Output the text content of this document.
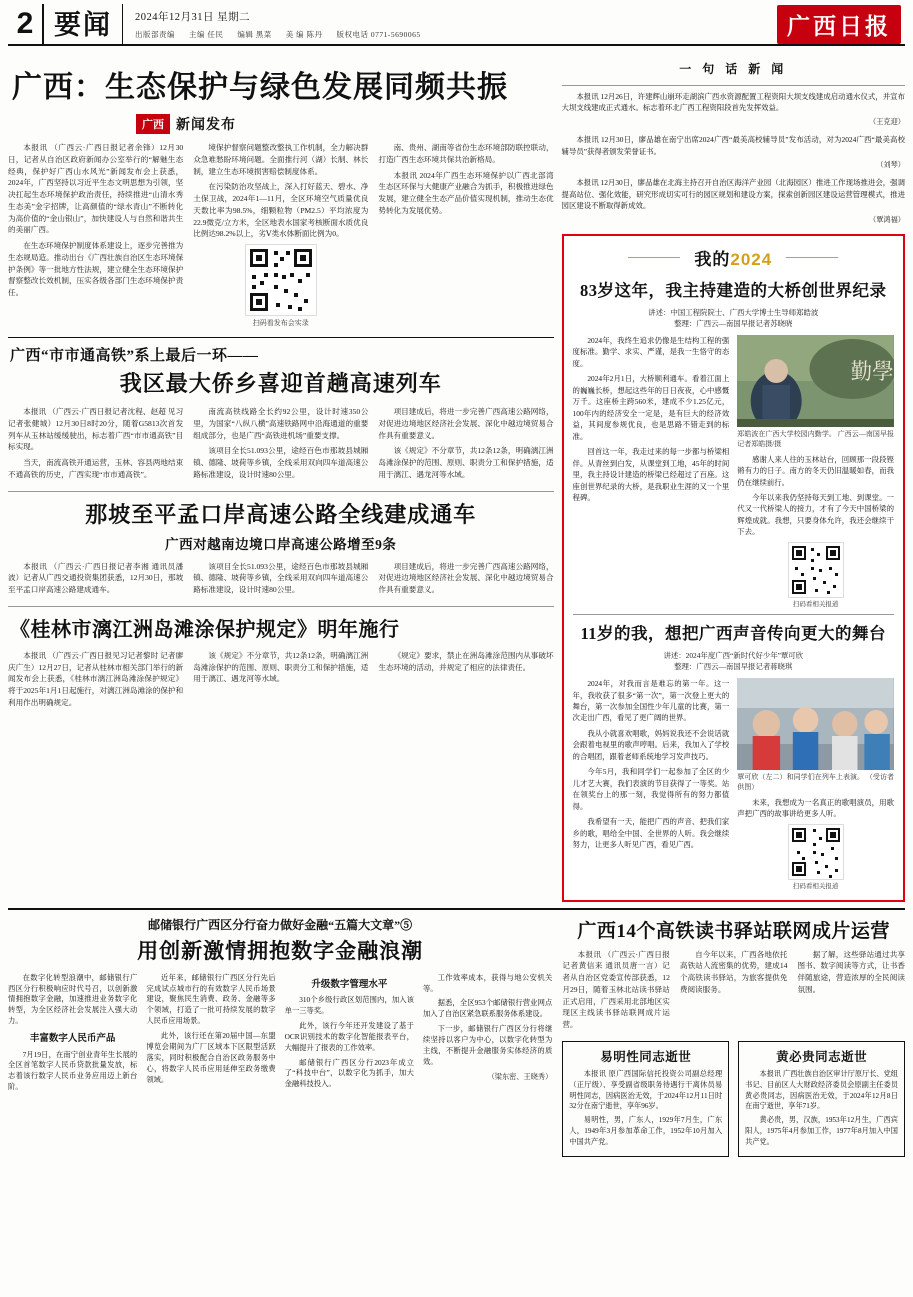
2 要闻	2024年12月31日 星期二
出版部责编 主编 任民 编辑 黑菜 美 编 陈丹 版权电话 0771-5690065	广西日报
广西：生态保护与绿色发展同频共振
广西 新闻发布

本报讯 （广西云·广西日报记者余锋）12月30日，记者从自治区政府新闻办公室举行的“解魅生态经典，保护好广西山水风光”新闻发布会上获悉，2024年，广西坚持以习近平生态文明思想为引领，坚决扛起生态环境保护政治责任，持续推进“山清水秀生态美”金字招牌，让高颜值的“绿水青山”不断转化为高价值的“金山银山”，加快建设人与自然和谐共生的美丽广西。

在生态环境保护制度体系建设上，逐步完善推为生态规局造。推动出台《广西壮族自治区生态环境保护条例》等一批地方性法规，建立健全生态环境保护督察整改长效机制，压实各级各部门生态环境保护责任。

境保护督察问题整改整执工作机制，全力解决群众急难愁盼环境问题。全面推行河（湖）长制、林长制，建立生态环境损害赔偿制度体系。

在污染防治攻坚战上，深入打好蓝天、碧水、净土保卫战，2024年1—11月，全区环境空气质量优良天数比率为98.5%，细颗粒物（PM2.5）平均浓度为22.9微克/立方米，全区地表水国家考核断面水质优良比例达98.2%以上，劣Ⅴ类水体断面比例为0。

扫码看发布会实录

南、贵州、湖南等省份生态环境部防联控联动，打造广西生态环境共保共治新格局。

本报讯 2024年广西生态环境保护以广西北部湾生态区环保与大健康产业融合为抓手，积极推进绿色发展，建立健全生态产品价值实现机制，推动生态优势转化为发展优势。

广西“市市通高铁”系上最后一环——
我区最大侨乡喜迎首趟高速列车

本报讯 （广西云·广西日报记者沈程、赵超 见习记者张健城）12月30日8时20分，随着G5813次首发列车从玉林站缓缓驶出，标志着广西“市市通高铁”目标实现。

当天，南流高铁开通运营，玉林、容县两地结束不通高铁的历史，广西实现“市市通高铁”。

南流高铁线路全长约92公里，设计时速350公里，为国家“八纵八横”高速铁路网中沿海通道的重要组成部分，也是广西“高铁进机场”重要支撑。

该项目全长51.093公里，途经百色市那坡县城厢镇、德隆、坡荷等乡镇，全线采用双向四车道高速公路标准建设，设计时速80公里。

项目建成后，将进一步完善广西高速公路网络，对促进边境地区经济社会发展、深化中越边境贸易合作具有重要意义。

该《规定》不分章节，共12条12条，明确漓江洲岛滩涂保护的范围、原则、职责分工和保护措施，适用于漓江、遇龙河等水域。

那坡至平孟口岸高速公路全线建成通车
广西对越南边境口岸高速公路增至9条

本报讯 （广西云·广西日报记者李湘 通讯员潘波）记者从广西交通投资集团获悉，12月30日，那坡至平孟口岸高速公路建成通车。

该项目全长51.093公里，途经百色市那坡县城厢镇、德隆、坡荷等乡镇，全线采用双向四车道高速公路标准建设，设计时速80公里。

项目建成后，将进一步完善广西高速公路网络，对促进边境地区经济社会发展、深化中越边境贸易合作具有重要意义。

《桂林市漓江洲岛滩涂保护规定》明年施行

本报讯 （广西云·广西日报见习记者黎时 记者廖庆广生）12月27日，记者从桂林市相关部门举行的新闻发布会上获悉，《桂林市漓江洲岛滩涂保护规定》将于2025年1月1日起施行，对漓江洲岛滩涂的保护和利用作出明确规定。

该《规定》不分章节，共12条12条，明确漓江洲岛滩涂保护的范围、原则、职责分工和保护措施，适用于漓江、遇龙河等水域。

《规定》要求，禁止在洲岛滩涂范围内从事破坏生态环境的活动，并规定了相应的法律责任。

一 句 话 新 闻

本报讯 12月26日，许建辉山崩环走湖滨广西水资源配置工程资阳大坝支线建成启动通水仪式，并宣布大坝支线建成正式通水。标志着环北广西工程资阳段首先发挥效益。

（王克迎）

本报讯 12月30日，廖品雄在南宁出席2024广西“最美高校辅导员”发布活动，对为2024广西“最美高校辅导员”获得者颁发荣誉证书。

（刘琴）

本报讯 12月30日，廖品雄在北海主持召开自治区海洋产业园（北海园区）推进工作现场推进会，强调提高站位、强化效能，研究形成切实可行的园区规划和建设方案，探索创新园区建设运营管理模式，推进园区建设不断取得新成效。

（覃鸿福）

我的2024
83岁这年，我主持建造的大桥创世界纪录
讲述：中国工程院院士、广西大学博士生导师郑皓波
整理：广西云—南国早报记者苏晓晓

2024年，我终生追求仍像是生结构工程的强度标准。勤学、求实、严谨，是我一生恪守的态度。

2024年2月1日，大桥顺利通车。看着江面上的巍巍长桥，想起这些年的日日夜夜，心中感慨万千。这座桥主跨560米，建成不少1.25亿元，100年内的经济安全一定是，是有巨大的经济效益，其间度参规优良，也是思路不错走到的标准。

回首这一年，我走过来的每一步都与桥梁相伴。从青丝到白发，从课堂到工地，45年的时间里，我主持设计建造的桥梁已经超过了百座。这座创世界纪录的大桥，是我职业生涯的又一个里程碑。

勤學
郑皓波在广西大学校园内勤学。 广西云—南国早报记者郑皓摄/摄

感谢人来人往的玉林站台，回顾那一段段铿锵有力的日子。南方的冬天仍旧温暖如春，而我仍在继续前行。

今年以来我仍坚持每天到工地、到课堂。一代又一代桥梁人的接力，才有了今天中国桥梁的辉煌成就。我想，只要身体允许，我还会继续干下去。

扫码看相关报道
11岁的我，想把广西声音传向更大的舞台
讲述：2024年度广西“新时代好少年”覃可欣
整理：广西云—南国早报记者蒋晓琪

2024年，对我而言是难忘的第一年。这一年，我收获了很多“第一次”，第一次登上更大的舞台，第一次参加全国性少年儿童的比赛，第一次走出广西，看见了更广阔的世界。

我从小就喜欢唱歌，妈妈说我还不会说话就会跟着电视里的歌声哼唱。后来，我加入了学校的合唱团，跟着老师系统地学习发声技巧。

今年5月，我和同学们一起参加了全区的少儿才艺大赛，我们表演的节目获得了一等奖。站在领奖台上的那一刻，我觉得所有的努力都值得。

我希望有一天，能把广西的声音、把我们家乡的歌，唱给全中国、全世界的人听。我会继续努力，让更多人听见广西，看见广西。

覃可欣（左二）和同学们在列车上表演。 （受访者供图）

未来，我想成为一名真正的歌唱演员，用歌声把广西的故事讲给更多人听。

扫码看相关报道
邮储银行广西区分行奋力做好金融“五篇大文章”⑤
用创新激情拥抱数字金融浪潮

在数字化转型浪潮中，邮储银行广西区分行积极响应时代号召，以创新激情拥抱数字金融，加速推进业务数字化转型，为全区经济社会发展注入强大动力。

丰富数字人民币产品

7月19日，在南宁创业青年生长展的全区首笔数字人民币贷款批量发放，标志着该行数字人民币业务应用迈上新台阶。

近年来，邮储银行广西区分行先后完成试点城市行的有效数字人民币场景建设，聚焦民生消费、政务、金融等多个领域，打造了一批可持续发展的数字人民币应用场景。

此外，该行还在第20届中国—东盟博览会期间为广厂区域本下区限型活跃落实，同时积极配合自治区政务服务中心，将数字人民币应用延伸至政务缴费领域。

升级数字管理水平

310个乡级行政区划范围内，加入该单一三等奖。

此外，该行今年还开发建设了基于OCR识别技术的数字化智能报表平台，大幅提升了报表的工作效率。

邮储银行广西区分行2023年成立了“科技中台”，以数字化为抓手，加大金融科技投入。

工作效率成本，获得与地公安机关等。

据悉，全区953个邮储银行营业网点加入了自治区紧急联系服务体系建设。

下一步，邮储银行广西区分行将继续坚持以客户为中心，以数字化转型为主线，不断提升金融服务实体经济的质效。

（梁东密、王晓秀）

广西14个高铁读书驿站联网成片运营

本报讯 （广西云·广西日报记者黄信来 通讯员唐一言）记者从自治区党委宣传部获悉，12月29日，随着玉林北站读书驿站正式启用，广西采用北部地区实现区主线读书驿站联网成片运营。

自今年以来，广西各地依托高铁站人流密集的优势，建成14个高铁读书驿站，为旅客提供免费阅读服务。

据了解，这些驿站通过共享图书、数字阅读等方式，让书香伴随旅途，营造浓厚的全民阅读氛围。

易明性同志逝世

本报讯 原广西国际信托投资公司副总经理（正厅级）、享受副省级职务待遇行干离休员易明性同志，因病医治无效，于2024年12月11日时32分在南宁逝世，享年96岁。

易明性，男，广东人，1929年7月生，广东人，1949年3月参加革命工作，1952年10月加入中国共产党。

黄必贵同志逝世

本报讯 广西壮族自治区审计厅原厅长、党组书记、目前区人大财政经济委员会原副主任委员黄必贵同志，因病医治无效，于2024年12月8日在南宁逝世，享年71岁。

黄必贵，男，汉族，1953年12月生，广西宾阳人，1975年4月参加工作，1977年8月加入中国共产党。
